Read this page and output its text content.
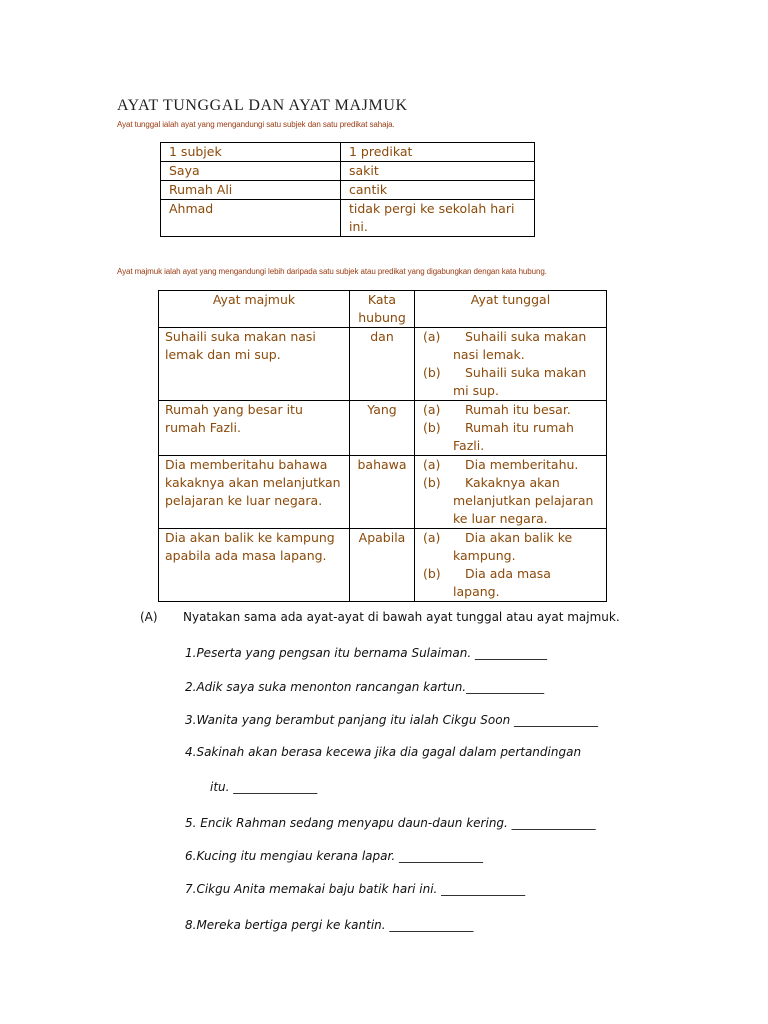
AYAT TUNGGAL DAN AYAT MAJMUK
Ayat tunggal ialah ayat yang mengandungi satu subjek dan satu predikat sahaja.
1 subjek	1 predikat
Saya	sakit
Rumah Ali	cantik
Ahmad	tidak pergi ke sekolah hari ini.
Ayat majmuk ialah ayat yang mengandungi lebih daripada satu subjek atau predikat yang digabungkan dengan kata hubung.
Ayat majmuk	Kata hubung	Ayat tunggal
Suhaili suka makan nasi lemak dan mi sup.	dan	(a) Suhaili suka makan nasi lemak.
(b) Suhaili suka makan mi sup.

Rumah yang besar itu rumah Fazli.	Yang	(a) Rumah itu besar.
(b) Rumah itu rumah Fazli.

Dia memberitahu bahawa kakaknya akan melanjutkan pelajaran ke luar negara.	bahawa	(a) Dia memberitahu.
(b) Kakaknya akan melanjutkan pelajaran ke luar negara.

Dia akan balik ke kampung apabila ada masa lapang.	Apabila	(a) Dia akan balik ke kampung.
(b) Dia ada masa lapang.
(A) Nyatakan sama ada ayat-ayat di bawah ayat tunggal atau ayat majmuk.
1.Peserta yang pengsan itu bernama Sulaiman. ____________
2.Adik saya suka menonton rancangan kartun._____________
3.Wanita yang berambut panjang itu ialah Cikgu Soon ______________
4.Sakinah akan berasa kecewa jika dia gagal dalam pertandingan
itu. ______________
5. Encik Rahman sedang menyapu daun-daun kering. ______________
6.Kucing itu mengiau kerana lapar. ______________
7.Cikgu Anita memakai baju batik hari ini. ______________
8.Mereka bertiga pergi ke kantin. ______________
